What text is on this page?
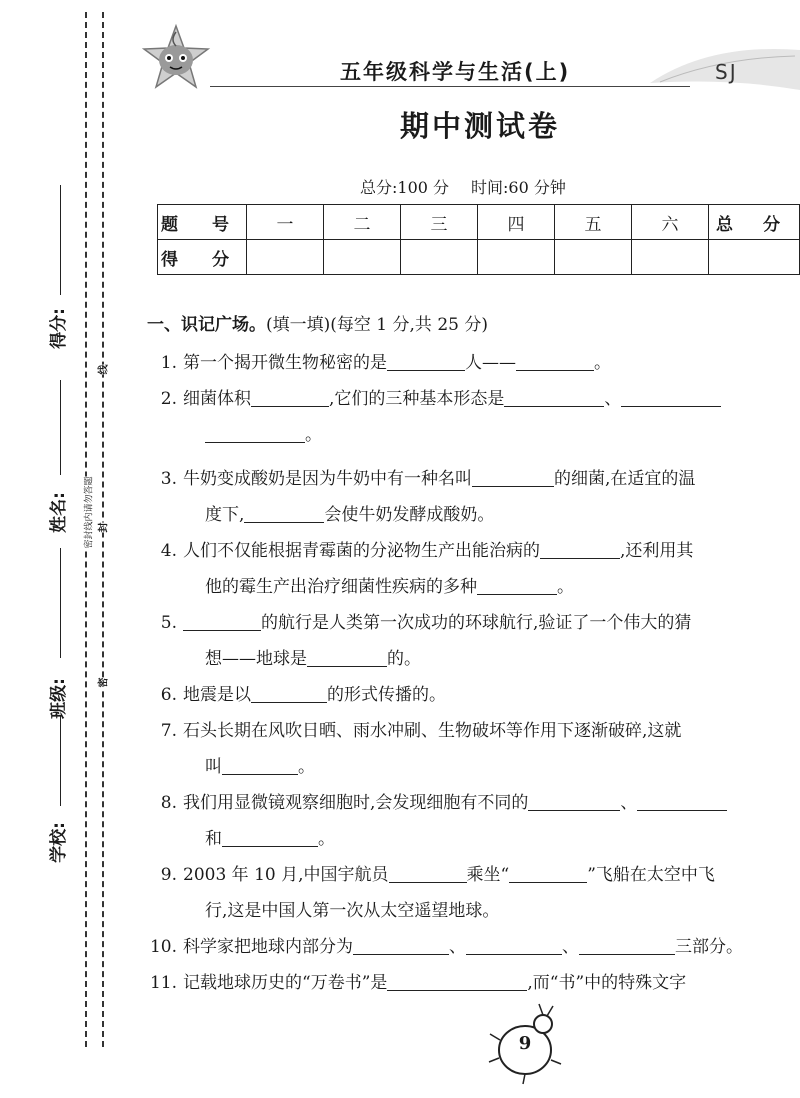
得分:
姓名:
班级:
学校:
线
封
密
密封线内请勿答题
五年级科学与生活(上)	SJ
期中测试卷
总分:100 分 时间:60 分钟
题 号	一	二	三	四	五	六	总 分
得 分							
一、识记广场。(填一填)(每空 1 分,共 25 分)
1. 第一个揭开微生物秘密的是	人——	。
2. 细菌体积	,它们的三种基本形态是	、
。
3. 牛奶变成酸奶是因为牛奶中有一种名叫	的细菌,在适宜的温
度下,	会使牛奶发酵成酸奶。
4. 人们不仅能根据青霉菌的分泌物生产出能治病的	,还利用其
他的霉生产出治疗细菌性疾病的多种	。
5.	的航行是人类第一次成功的环球航行,验证了一个伟大的猜
想——地球是	的。
6. 地震是以	的形式传播的。
7. 石头长期在风吹日晒、雨水冲刷、生物破坏等作用下逐渐破碎,这就
叫	。
8. 我们用显微镜观察细胞时,会发现细胞有不同的	、
和	。
9. 2003 年 10 月,中国宇航员	乘坐“	”飞船在太空中飞
行,这是中国人第一次从太空遥望地球。
10. 科学家把地球内部分为	、	、	三部分。
11. 记载地球历史的“万卷书”是	,而“书”中的特殊文字
9
